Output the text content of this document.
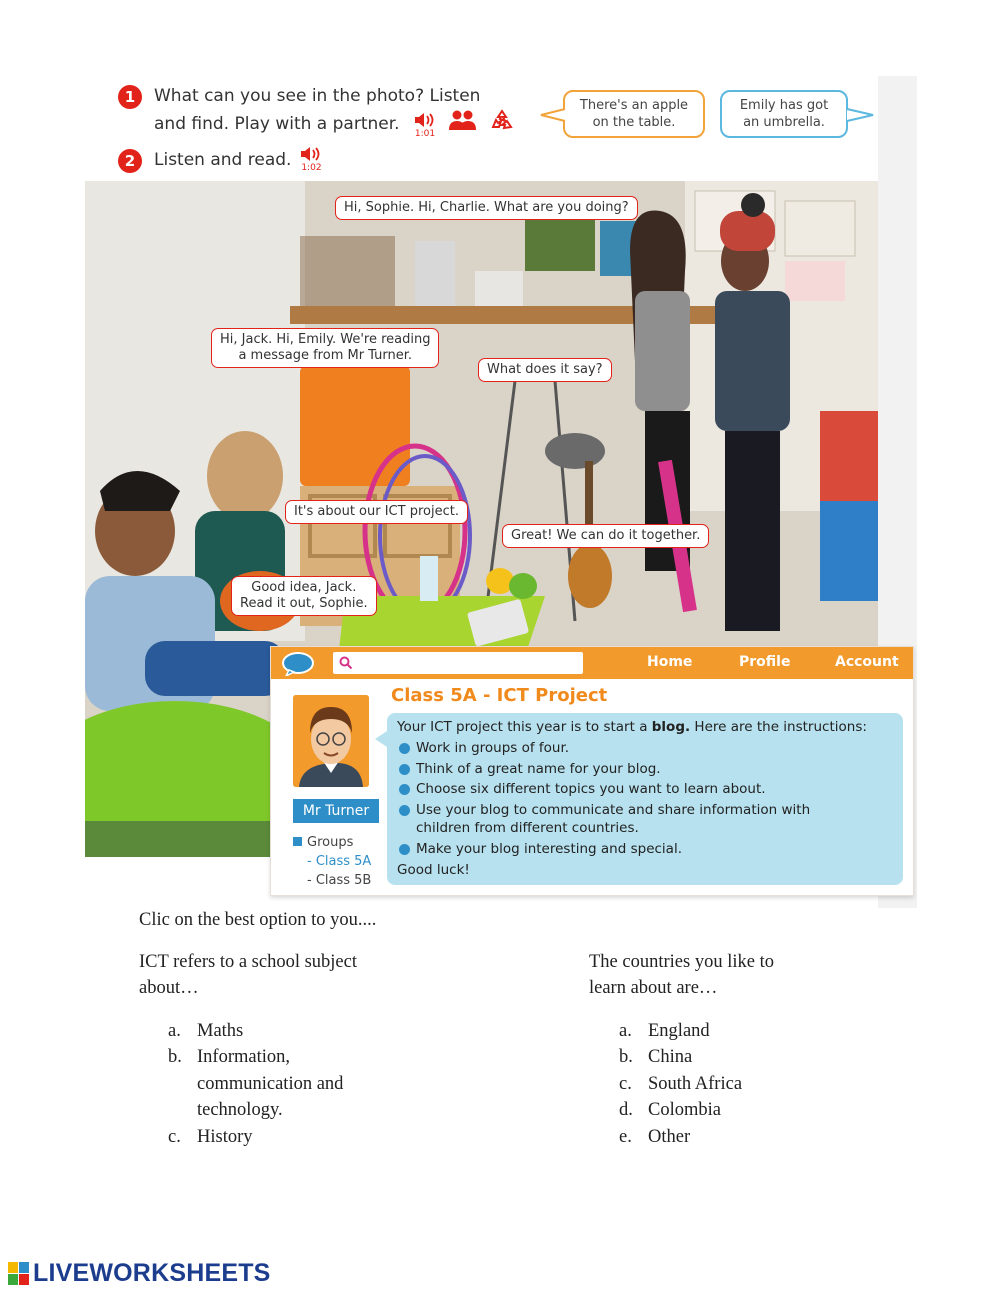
1	What can you see in the photo? Listen
and find. Play with a partner. 1:01

There's an apple
on the table.
Emily has got
an umbrella.
2	Listen and read. 1:02
Hi, Sophie. Hi, Charlie. What are you doing?
Hi, Jack. Hi, Emily. We're reading
a message from Mr Turner.
What does it say?
It's about our ICT project.
Great! We can do it together.
Good idea, Jack.
Read it out, Sophie.
Home	Profile	Account
Mr Turner
Groups
- Class 5A
- Class 5B
Class 5A - ICT Project
Your ICT project this year is to start a blog. Here are the instructions:
Work in groups of four.
Think of a great name for your blog.
Choose six different topics you want to learn about.
Use your blog to communicate and share information with
children from different countries.
Make your blog interesting and special.
Good luck!
Clic on the best option to you....
ICT refers to a school subject
about…
a. Maths
b. Information,
communication and
technology.
c. History
The countries you like to
learn about are…
a. England
b. China
c. South Africa
d. Colombia
e. Other
LIVEWORKSHEETS
